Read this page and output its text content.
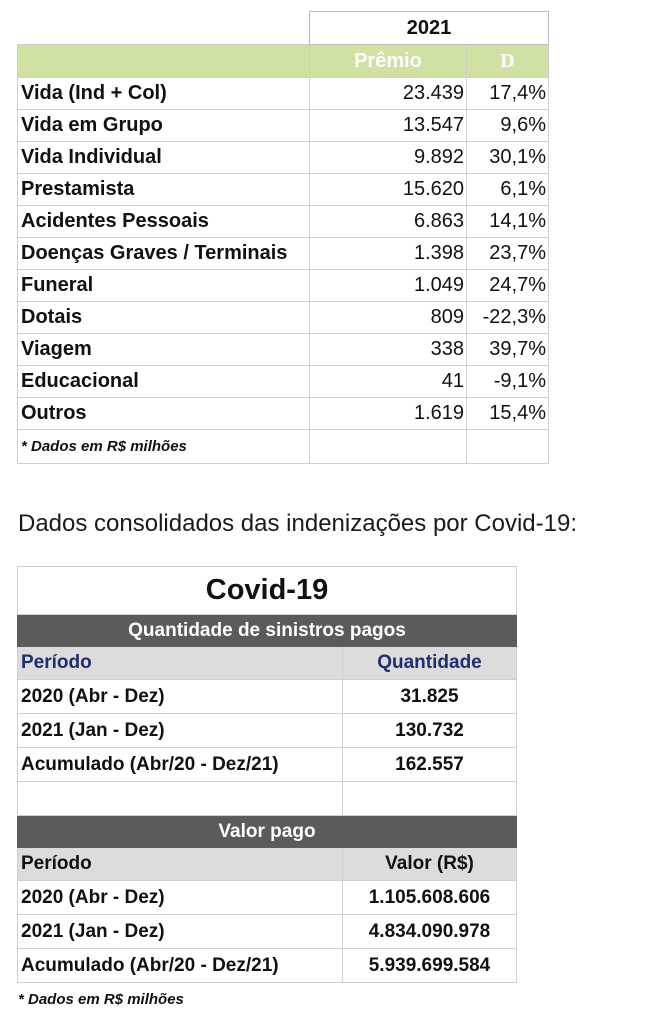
	2021	
	Prêmio	D
Vida (Ind + Col)	23.439	17,4%
Vida em Grupo	13.547	9,6%
Vida Individual	9.892	30,1%
Prestamista	15.620	6,1%
Acidentes Pessoais	6.863	14,1%
Doenças Graves / Terminais	1.398	23,7%
Funeral	1.049	24,7%
Dotais	809	-22,3%
Viagem	338	39,7%
Educacional	41	-9,1%
Outros	1.619	15,4%
* Dados em R$ milhões		
Dados consolidados das indenizações por Covid-19:
Covid-19	
Quantidade de sinistros pagos	
Período	Quantidade
2020 (Abr - Dez)	31.825
2021 (Jan - Dez)	130.732
Acumulado (Abr/20 - Dez/21)	162.557

Valor pago	
Período	Valor (R$)
2020 (Abr - Dez)	1.105.608.606
2021 (Jan - Dez)	4.834.090.978
Acumulado (Abr/20 - Dez/21)	5.939.699.584
* Dados em R$ milhões
